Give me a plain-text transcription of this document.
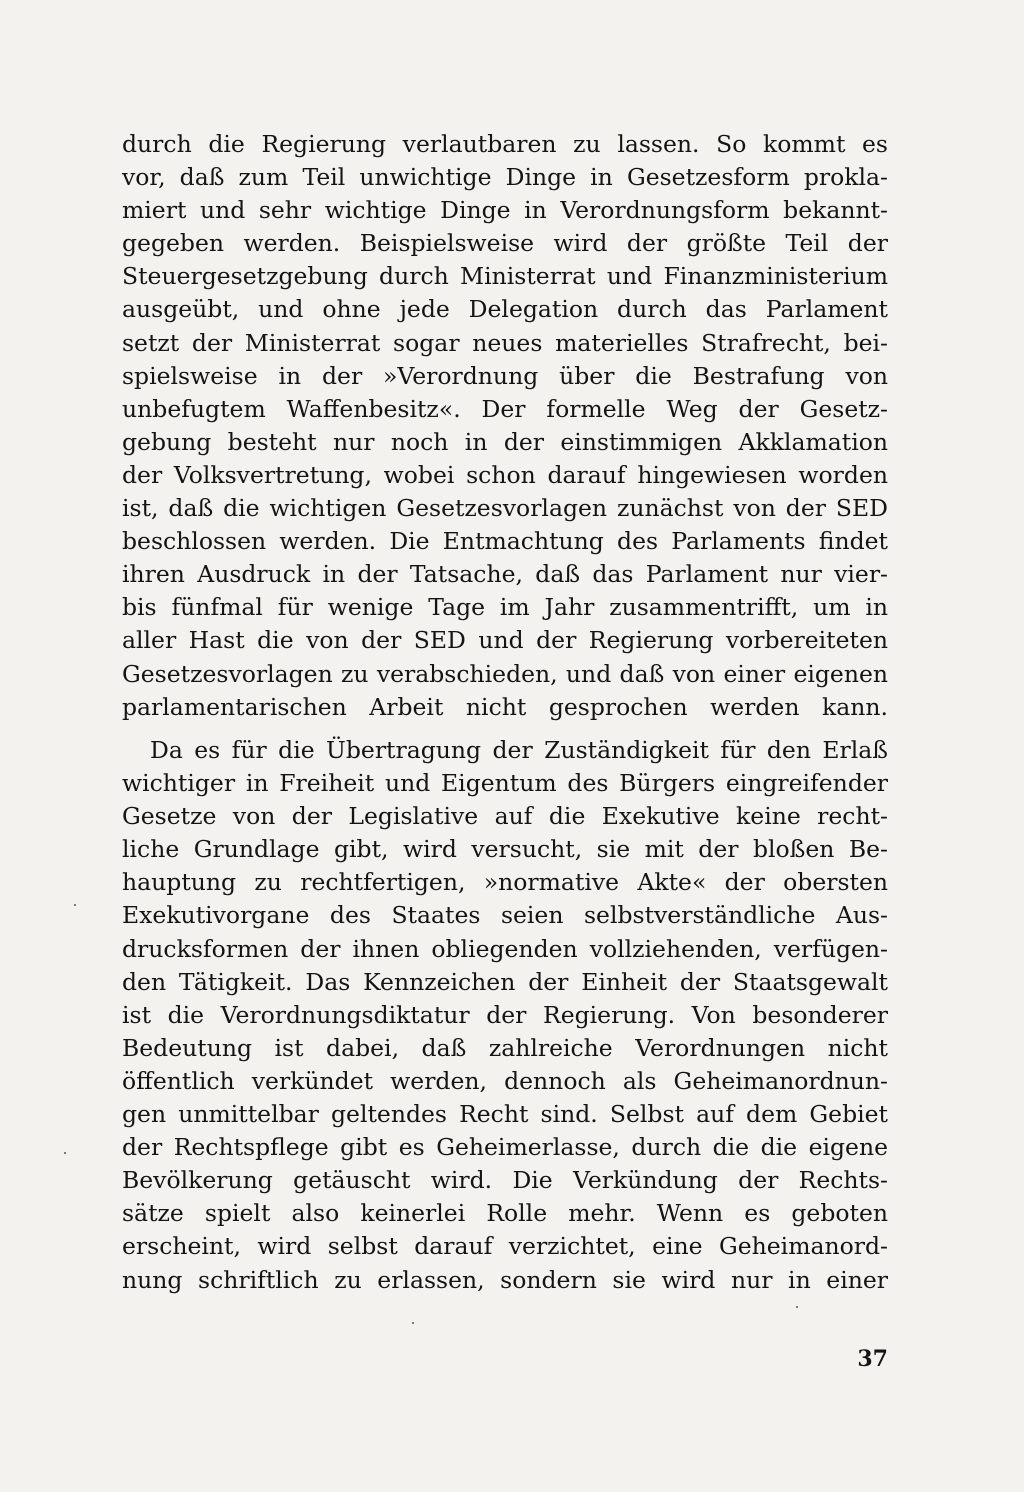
durch die Regierung verlautbaren zu lassen. So kommt es
vor, daß zum Teil unwichtige Dinge in Gesetzesform prokla-
miert und sehr wichtige Dinge in Verordnungsform bekannt-
gegeben werden. Beispielsweise wird der größte Teil der
Steuergesetzgebung durch Ministerrat und Finanzministerium
ausgeübt, und ohne jede Delegation durch das Parlament
setzt der Ministerrat sogar neues materielles Strafrecht, bei-
spielsweise in der »Verordnung über die Bestrafung von
unbefugtem Waffenbesitz«. Der formelle Weg der Gesetz-
gebung besteht nur noch in der einstimmigen Akklamation
der Volksvertretung, wobei schon darauf hingewiesen worden
ist, daß die wichtigen Gesetzesvorlagen zunächst von der SED
beschlossen werden. Die Entmachtung des Parlaments findet
ihren Ausdruck in der Tatsache, daß das Parlament nur vier-
bis fünfmal für wenige Tage im Jahr zusammentrifft, um in
aller Hast die von der SED und der Regierung vorbereiteten
Gesetzesvorlagen zu verabschieden, und daß von einer eigenen
parlamentarischen Arbeit nicht gesprochen werden kann.
Da es für die Übertragung der Zuständigkeit für den Erlaß
wichtiger in Freiheit und Eigentum des Bürgers eingreifender
Gesetze von der Legislative auf die Exekutive keine recht-
liche Grundlage gibt, wird versucht, sie mit der bloßen Be-
hauptung zu rechtfertigen, »normative Akte« der obersten
Exekutivorgane des Staates seien selbstverständliche Aus-
drucksformen der ihnen obliegenden vollziehenden, verfügen-
den Tätigkeit. Das Kennzeichen der Einheit der Staatsgewalt
ist die Verordnungsdiktatur der Regierung. Von besonderer
Bedeutung ist dabei, daß zahlreiche Verordnungen nicht
öffentlich verkündet werden, dennoch als Geheimanordnun-
gen unmittelbar geltendes Recht sind. Selbst auf dem Gebiet
der Rechtspflege gibt es Geheimerlasse, durch die die eigene
Bevölkerung getäuscht wird. Die Verkündung der Rechts-
sätze spielt also keinerlei Rolle mehr. Wenn es geboten
erscheint, wird selbst darauf verzichtet, eine Geheimanord-
nung schriftlich zu erlassen, sondern sie wird nur in einer
37
